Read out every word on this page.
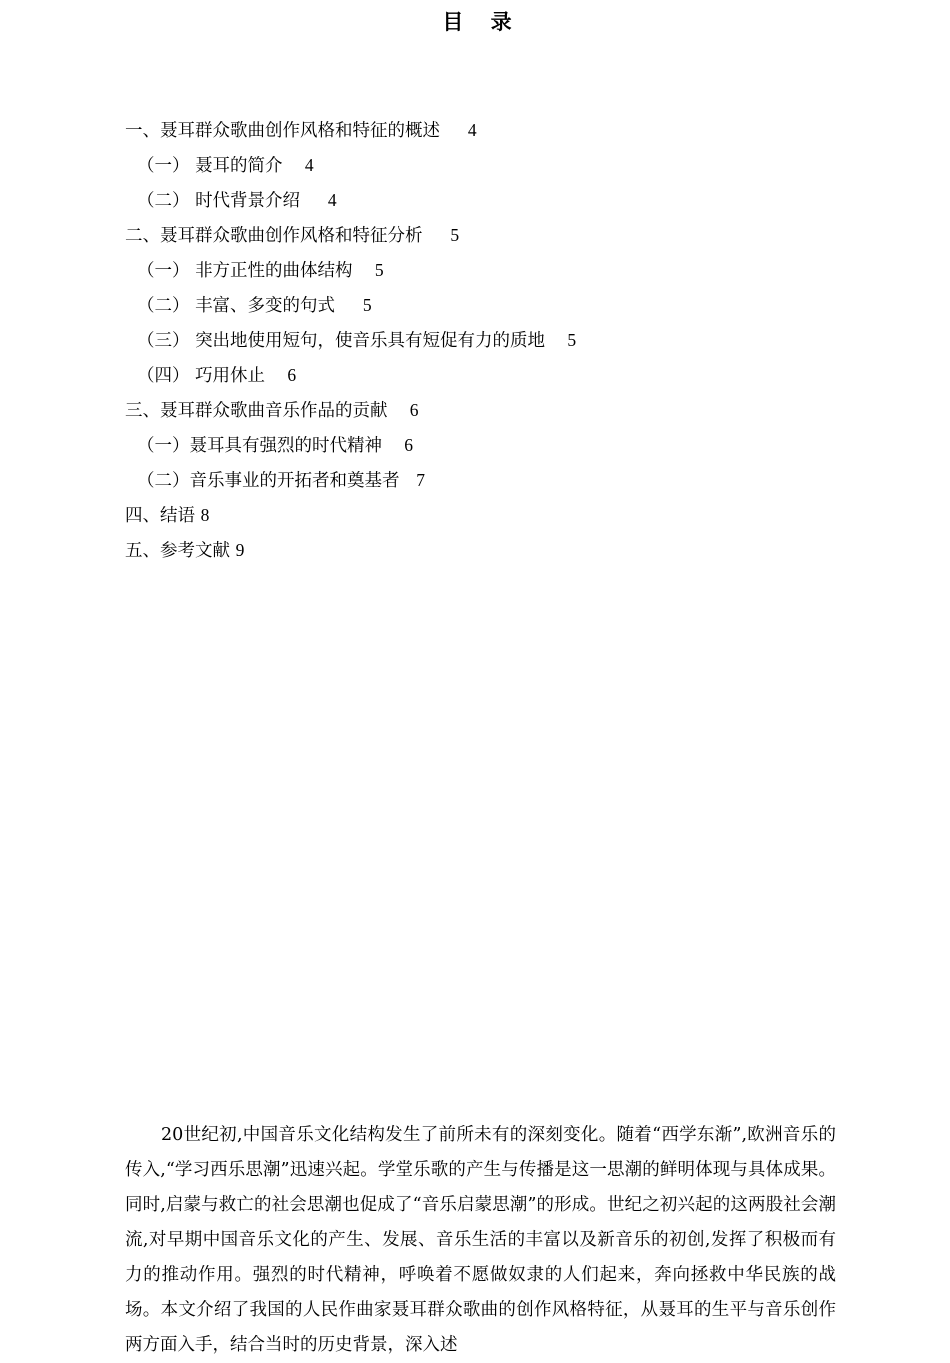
目 录
一、聂耳群众歌曲创作风格和特征的概述 4
（一） 聂耳的简介 4
（二） 时代背景介绍 4
二、聂耳群众歌曲创作风格和特征分析 5
（一） 非方正性的曲体结构 5
（二） 丰富、多变的句式 5
（三） 突出地使用短句，使音乐具有短促有力的质地 5
（四） 巧用休止 6
三、聂耳群众歌曲音乐作品的贡献 6
（一）聂耳具有强烈的时代精神 6
（二）音乐事业的开拓者和奠基者 7
四、结语 8
五、参考文献 9

20世纪初,中国音乐文化结构发生了前所未有的深刻变化。随着“西学东渐”,欧洲音乐的传入,“学习西乐思潮”迅速兴起。学堂乐歌的产生与传播是这一思潮的鲜明体现与具体成果。同时,启蒙与救亡的社会思潮也促成了“音乐启蒙思潮”的形成。世纪之初兴起的这两股社会潮流,对早期中国音乐文化的产生、发展、音乐生活的丰富以及新音乐的初创,发挥了积极而有力的推动作用。强烈的时代精神，呼唤着不愿做奴隶的人们起来，奔向拯救中华民族的战场。本文介绍了我国的人民作曲家聂耳群众歌曲的创作风格特征，从聂耳的生平与音乐创作两方面入手，结合当时的历史背景，深入述
